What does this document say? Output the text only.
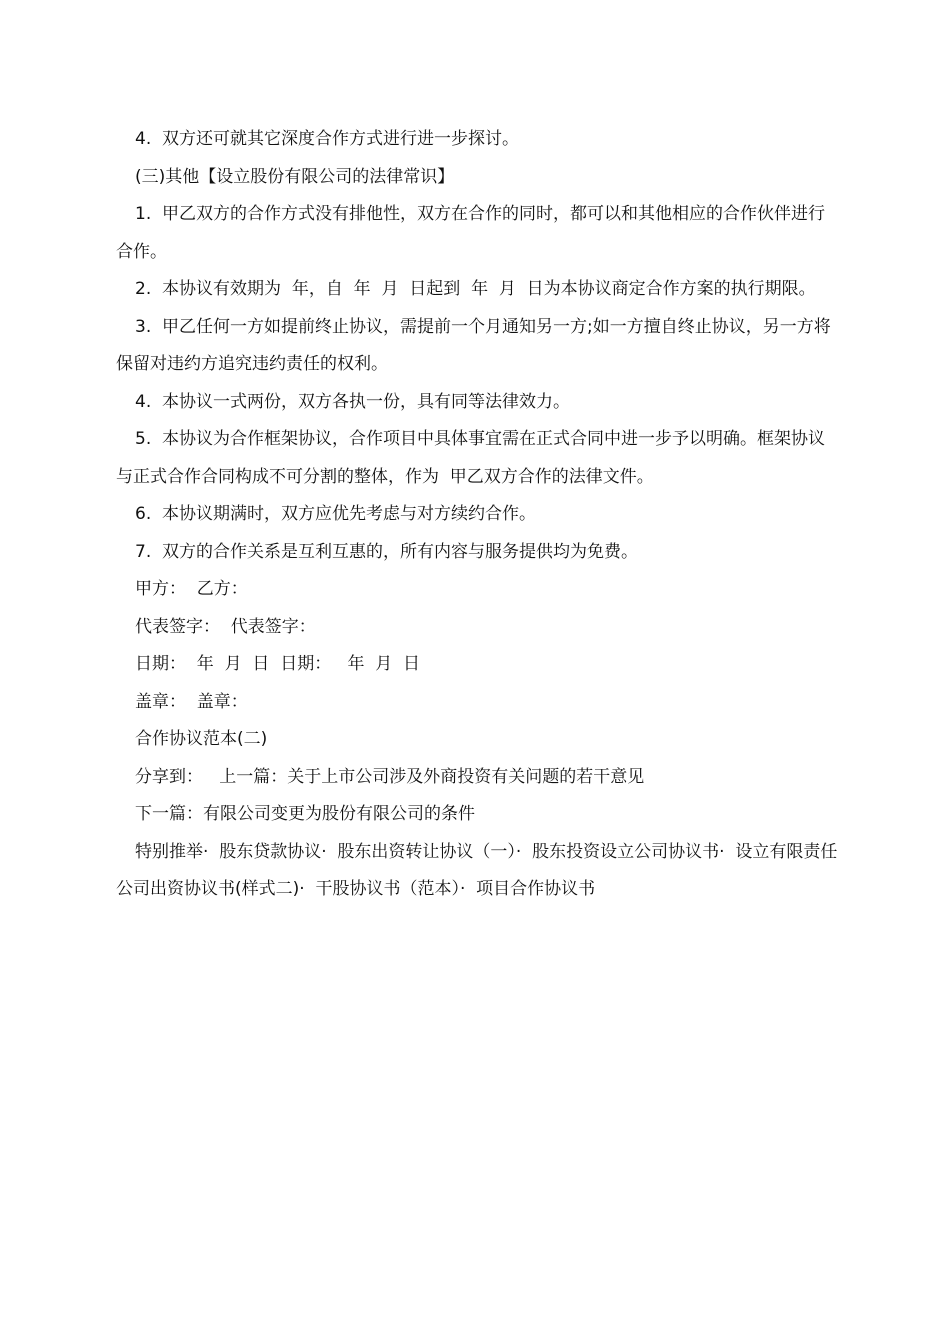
4.  双方还可就其它深度合作方式进行进一步探讨。

(三)其他【设立股份有限公司的法律常识】

1.  甲乙双方的合作方式没有排他性，双方在合作的同时，都可以和其他相应的合作伙伴进行合作。

2.  本协议有效期为  年，自  年  月  日起到  年  月  日为本协议商定合作方案的执行期限。

3.  甲乙任何一方如提前终止协议，需提前一个月通知另一方;如一方擅自终止协议，另一方将保留对违约方追究违约责任的权利。

4.  本协议一式两份，双方各执一份，具有同等法律效力。

5.  本协议为合作框架协议，合作项目中具体事宜需在正式合同中进一步予以明确。框架协议与正式合作合同构成不可分割的整体，作为  甲乙双方合作的法律文件。

6.  本协议期满时，双方应优先考虑与对方续约合作。

7.  双方的合作关系是互利互惠的，所有内容与服务提供均为免费。

甲方：  乙方：

代表签字：  代表签字：

日期：  年  月  日  日期：   年  月  日

盖章：  盖章：

合作协议范本(二)

分享到：   上一篇：关于上市公司涉及外商投资有关问题的若干意见

下一篇：有限公司变更为股份有限公司的条件

特别推举·  股东贷款协议·  股东出资转让协议（一）·  股东投资设立公司协议书·  设立有限责任公司出资协议书(样式二)·  干股协议书（范本）·  项目合作协议书
